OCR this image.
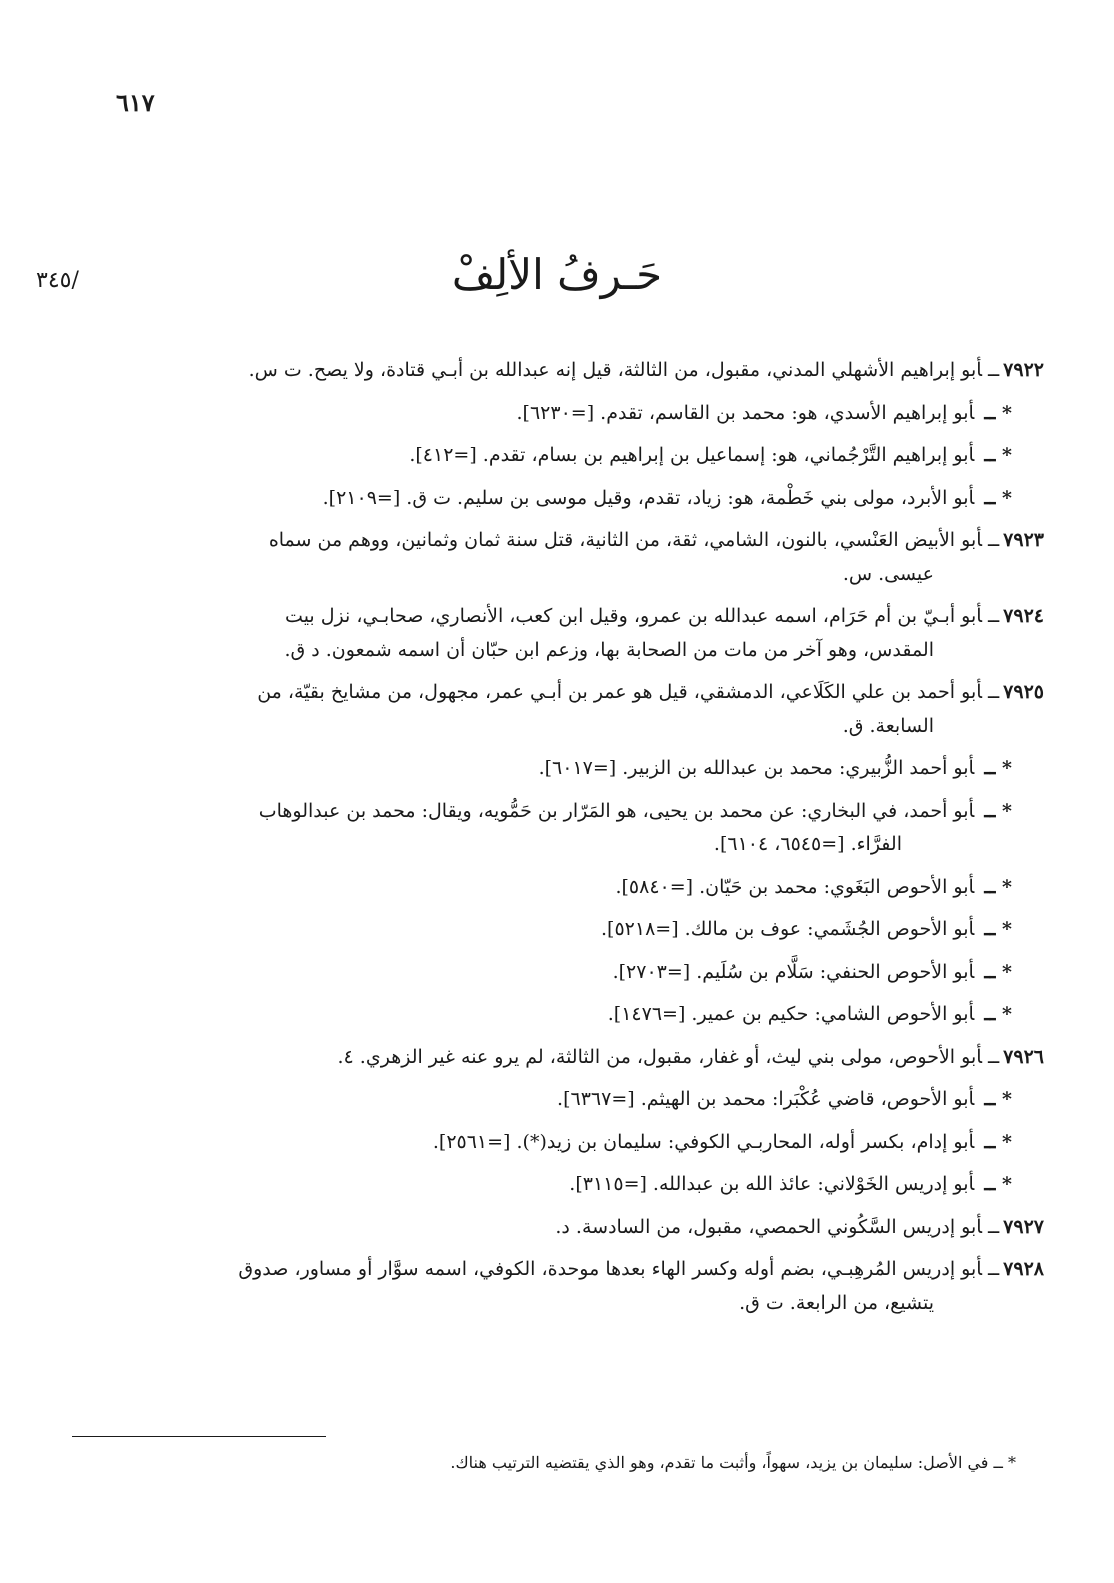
٦١٧
/٣٤٥	حَـرفُ الألِفْ
٧٩٢٢ــأبو إبراهيم الأشهلي المدني، مقبول، من الثالثة، قيل إنه عبدالله بن أبـي قتادة، ولا يصح. ت س.
* ــأبو إبراهيم الأسدي، هو: محمد بن القاسم، تقدم. [=٦٢٣٠].
* ــأبو إبراهيم التَّرْجُماني، هو: إسماعيل بن إبراهيم بن بسام، تقدم. [=٤١٢].
* ــأبو الأبرد، مولى بني خَطْمة، هو: زياد، تقدم، وقيل موسى بن سليم. ت ق. [=٢١٠٩].
٧٩٢٣ــأبو الأبيض العَنْسي، بالنون، الشامي، ثقة، من الثانية، قتل سنة ثمان وثمانين، ووهم من سماه
عيسى. س.
٧٩٢٤ــأبو أبـيّ بن أم حَرَام، اسمه عبدالله بن عمرو، وقيل ابن كعب، الأنصاري، صحابـي، نزل بيت
المقدس، وهو آخر من مات من الصحابة بها، وزعم ابن حبّان أن اسمه شمعون. د ق.
٧٩٢٥ــأبو أحمد بن علي الكَلَاعي، الدمشقي، قيل هو عمر بن أبـي عمر، مجهول، من مشايخ بقيّة، من
السابعة. ق.
* ــأبو أحمد الزُّبيري: محمد بن عبدالله بن الزبير. [=٦٠١٧].
* ــأبو أحمد، في البخاري: عن محمد بن يحيى، هو المَرّار بن حَمُّويه، ويقال: محمد بن عبدالوهاب
الفرَّاء. [=٦٥٤٥، ٦١٠٤].
* ــأبو الأحوص البَغَوي: محمد بن حَيّان. [=٥٨٤٠].
* ــأبو الأحوص الجُشَمي: عوف بن مالك. [=٥٢١٨].
* ــأبو الأحوص الحنفي: سَلَّام بن سُلَيم. [=٢٧٠٣].
* ــأبو الأحوص الشامي: حكيم بن عمير. [=١٤٧٦].
٧٩٢٦ــأبو الأحوص، مولى بني ليث، أو غفار، مقبول، من الثالثة، لم يرو عنه غير الزهري. ٤.
* ــأبو الأحوص، قاضي عُكْبَرا: محمد بن الهيثم. [=٦٣٦٧].
* ــأبو إدام، بكسر أوله، المحاربـي الكوفي: سليمان بن زيد(*). [=٢٥٦١].
* ــأبو إدريس الخَوْلاني: عائذ الله بن عبدالله. [=٣١١٥].
٧٩٢٧ــأبو إدريس السَّكُوني الحمصي، مقبول، من السادسة. د.
٧٩٢٨ــأبو إدريس المُرهِبـي، بضم أوله وكسر الهاء بعدها موحدة، الكوفي، اسمه سوَّار أو مساور، صدوق
يتشيع، من الرابعة. ت ق.
* ــ في الأصل: سليمان بن يزيد، سهواً، وأثبت ما تقدم، وهو الذي يقتضيه الترتيب هناك.
